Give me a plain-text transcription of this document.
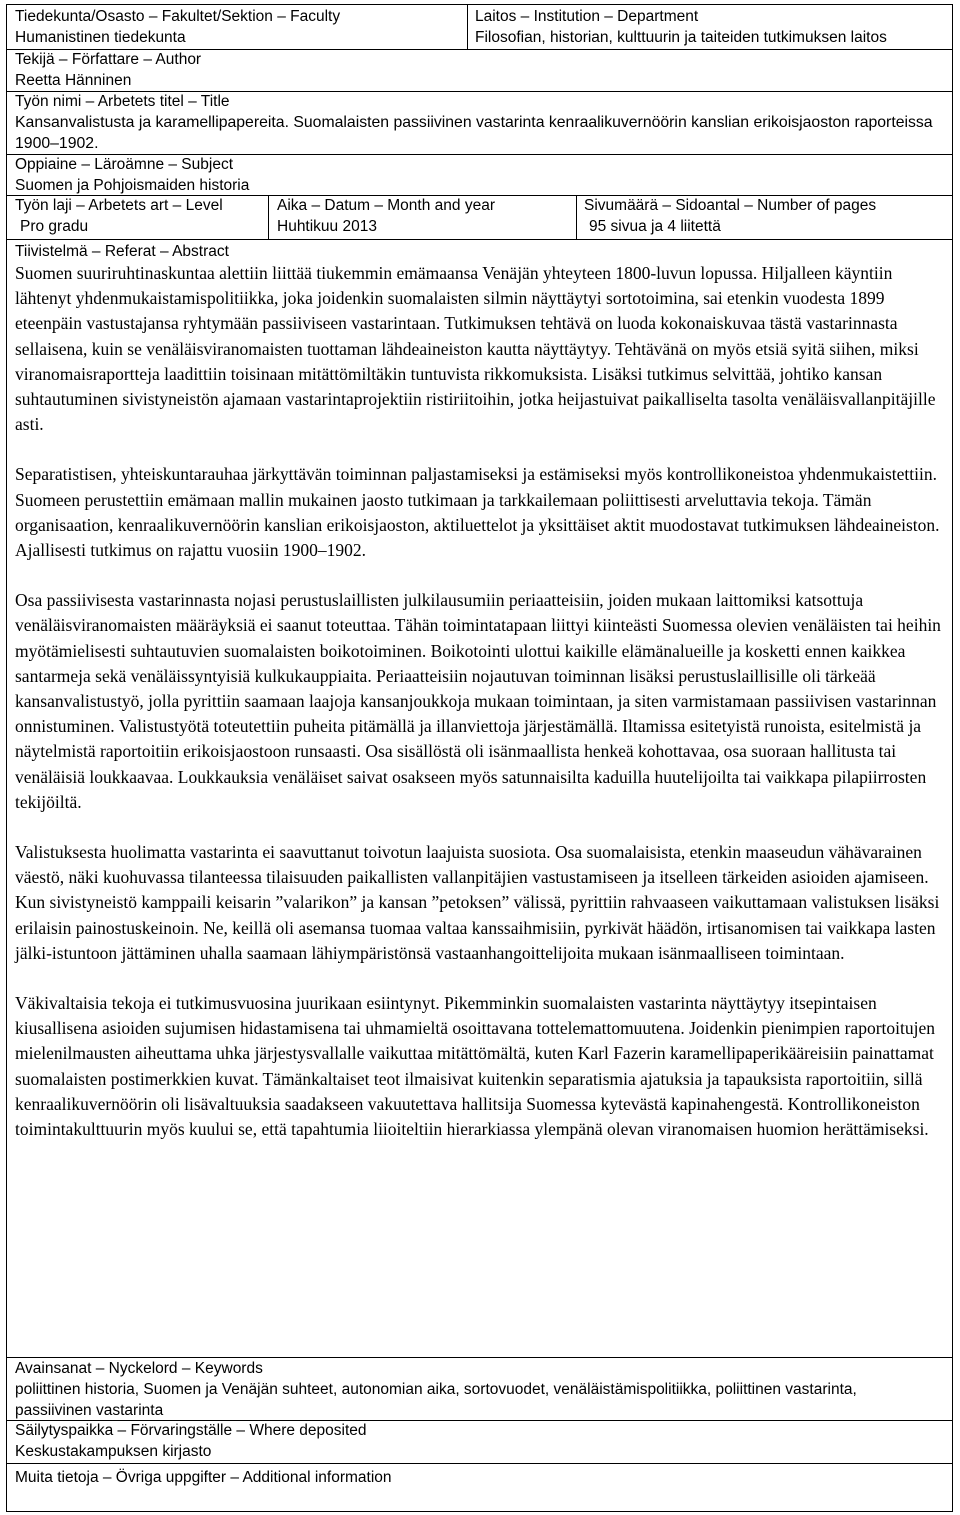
Tiedekunta/Osasto – Fakultet/Sektion – Faculty
Humanistinen tiedekunta
Laitos – Institution – Department
Filosofian, historian, kulttuurin ja taiteiden tutkimuksen laitos
Tekijä – Författare – Author
Reetta Hänninen
Työn nimi – Arbetets titel – Title
Kansanvalistusta ja karamellipapereita. Suomalaisten passiivinen vastarinta kenraalikuvernöörin kanslian erikoisjaoston raporteissa 1900–1902.
Oppiaine – Läroämne – Subject
Suomen ja Pohjoismaiden historia
Työn laji – Arbetets art – Level
Pro gradu
Aika – Datum – Month and year
Huhtikuu 2013
Sivumäärä – Sidoantal – Number of pages
95 sivua ja 4 liitettä
Tiivistelmä – Referat – Abstract

Suomen suuriruhtinaskuntaa alettiin liittää tiukemmin emämaansa Venäjän yhteyteen 1800-luvun lopussa. Hiljalleen käyntiin lähtenyt yhdenmukaistamispolitiikka, joka joidenkin suomalaisten silmin näyttäytyi sortotoimina, sai etenkin vuodesta 1899 eteenpäin vastustajansa ryhtymään passiiviseen vastarintaan. Tutkimuksen tehtävä on luoda kokonaiskuvaa tästä vastarinnasta sellaisena, kuin se venäläisviranomaisten tuottaman lähdeaineiston kautta näyttäytyy. Tehtävänä on myös etsiä syitä siihen, miksi viranomaisraportteja laadittiin toisinaan mitättömiltäkin tuntuvista rikkomuksista. Lisäksi tutkimus selvittää, johtiko kansan suhtautuminen sivistyneistön ajamaan vastarintaprojektiin ristiriitoihin, jotka heijastuivat paikalliselta tasolta venäläisvallanpitäjille asti.

Separatistisen, yhteiskuntarauhaa järkyttävän toiminnan paljastamiseksi ja estämiseksi myös kontrollikoneistoa yhdenmukaistettiin. Suomeen perustettiin emämaan mallin mukainen jaosto tutkimaan ja tarkkailemaan poliittisesti arveluttavia tekoja. Tämän organisaation, kenraalikuvernöörin kanslian erikoisjaoston, aktiluettelot ja yksittäiset aktit muodostavat tutkimuksen lähdeaineiston. Ajallisesti tutkimus on rajattu vuosiin 1900–1902.

Osa passiivisesta vastarinnasta nojasi perustuslaillisten julkilausumiin periaatteisiin, joiden mukaan laittomiksi katsottuja venäläisviranomaisten määräyksiä ei saanut toteuttaa. Tähän toimintatapaan liittyi kiinteästi Suomessa olevien venäläisten tai heihin myötämielisesti suhtautuvien suomalaisten boikotoiminen. Boikotointi ulottui kaikille elämänalueille ja kosketti ennen kaikkea santarmeja sekä venäläissyntyisiä kulkukauppiaita. Periaatteisiin nojautuvan toiminnan lisäksi perustuslaillisille oli tärkeää kansanvalistustyö, jolla pyrittiin saamaan laajoja kansanjoukkoja mukaan toimintaan, ja siten varmistamaan passiivisen vastarinnan onnistuminen. Valistustyötä toteutettiin puheita pitämällä ja illanviettoja järjestämällä. Iltamissa esitetyistä runoista, esitelmistä ja näytelmistä raportoitiin erikoisjaostoon runsaasti. Osa sisällöstä oli isänmaallista henkeä kohottavaa, osa suoraan hallitusta tai venäläisiä loukkaavaa. Loukkauksia venäläiset saivat osakseen myös satunnaisilta kaduilla huutelijoilta tai vaikkapa pilapiirrosten tekijöiltä.

Valistuksesta huolimatta vastarinta ei saavuttanut toivotun laajuista suosiota. Osa suomalaisista, etenkin maaseudun vähävarainen väestö, näki kuohuvassa tilanteessa tilaisuuden paikallisten vallanpitäjien vastustamiseen ja itselleen tärkeiden asioiden ajamiseen. Kun sivistyneistö kamppaili keisarin ”valarikon” ja kansan ”petoksen” välissä, pyrittiin rahvaaseen vaikuttamaan valistuksen lisäksi erilaisin painostuskeinoin. Ne, keillä oli asemansa tuomaa valtaa kanssaihmisiin, pyrkivät häädön, irtisanomisen tai vaikkapa lasten jälki-istuntoon jättäminen uhalla saamaan lähiympäristönsä vastaanhangoittelijoita mukaan isänmaalliseen toimintaan.

Väkivaltaisia tekoja ei tutkimusvuosina juurikaan esiintynyt. Pikemminkin suomalaisten vastarinta näyttäytyy itsepintaisen kiusallisena asioiden sujumisen hidastamisena tai uhmamieltä osoittavana tottelemattomuutena. Joidenkin pienimpien raportoitujen mielenilmausten aiheuttama uhka järjestysvallalle vaikuttaa mitättömältä, kuten Karl Fazerin karamellipaperikääreisiin painattamat suomalaisten postimerkkien kuvat. Tämänkaltaiset teot ilmaisivat kuitenkin separatismia ajatuksia ja tapauksista raportoitiin, sillä kenraalikuvernöörin oli lisävaltuuksia saadakseen vakuutettava hallitsija Suomessa kytevästä kapinahengestä. Kontrollikoneiston toimintakulttuurin myös kuului se, että tapahtumia liioiteltiin hierarkiassa ylempänä olevan viranomaisen huomion herättämiseksi.

Avainsanat – Nyckelord – Keywords
poliittinen historia, Suomen ja Venäjän suhteet, autonomian aika, sortovuodet, venäläistämispolitiikka, poliittinen vastarinta, passiivinen vastarinta
Säilytyspaikka – Förvaringställe – Where deposited
Keskustakampuksen kirjasto
Muita tietoja – Övriga uppgifter – Additional information
